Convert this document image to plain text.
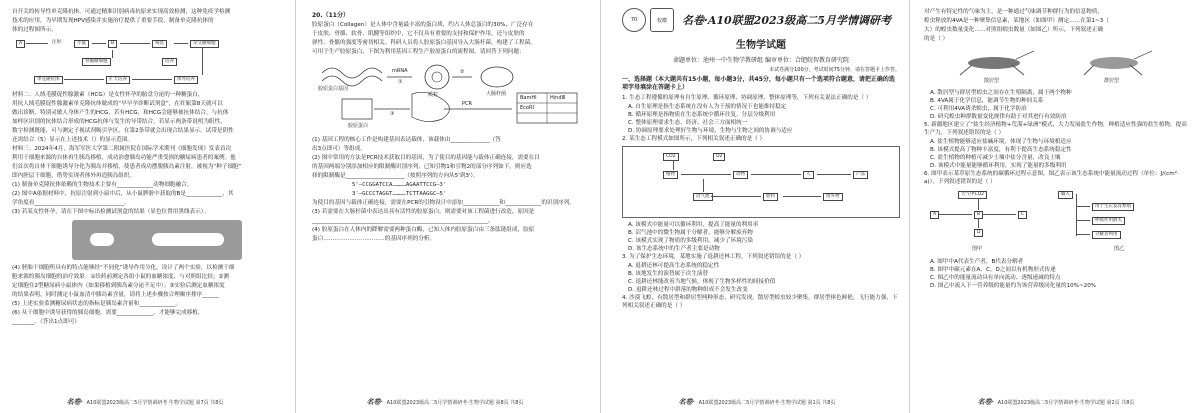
自开关的转导性单克隆抗体，可通过精准识别病毒抗原来实现高效检测，这种免疫学检测

技术的应用，为早期发现HPV感染并实施治疗提供了重要手段，制备单克隆抗体的

体的过程图所示。

A	注射	小鼠	B	筛选	杂交瘤细胞
骨髓瘤细胞	培养
单克隆抗体	扩大培养	体外培养

材料二：人绒毛膜促性腺激素（HCG）是女性怀孕的胎盘分泌的一种糖蛋白，

用抗人绒毛膜促性腺激素单克隆抗体做成的“早早孕诊断试剂盒”，在妊娠第8天就可以

做出诊断，特别灵敏人身体产生的HCG，若有HCG，和HCG会能够被抗体结合，与抗体

加样区识别的抗体结合形成的HCG抗体与发生的导带结合，若显示两条带说明为阳性，

数字检测既能，可与测定子视试剂吸引孕区，在第2条带就会出现合结果显示。试带是阴性

还需结合（5）显示在上述技术（）的显示范围。

材料三：2024年4月，海军军医大学第二附属医院在国际学术期刊《细胞发现》发表首次

利用干细胞来源的自体再生胰岛移植，成功治愈胰岛功能严重受损的糖尿病患者的案例。他

们首次将自体干细胞诱导分化为胰岛并移植，使患者成功摆脱胰岛素注射，被视为“种子细胞”

即内胚层干细胞，借势实现者体外再造胰岛组织。

(1) 制备单克隆抗体依赖的生物技术主要有_____________动物细胞融合。

(2) 图中A依据材料中，抗原注射到小鼠中后，从小鼠脾脏中获取的B是_____________，其

学角度看________________________________。

(3) 若某女性怀孕，请在下图中标出检测试剂盒的结果（显色位置用黑线表示）。

(4) 胚胎干细胞所具有的特点能够经“不同化”诱导作用分化，设计了两个实验，以检测干细

胞来源的胰岛细胞的治疗效果：①给药前测定各组小鼠的血糖浓度，与对照组比较；②测

定细胞在2型糖尿病小鼠体内（如果移植到胰岛素分泌不足中）；③实验后测定血糖浓度

的结果表明，同时测定小鼠血清中胰岛素含量，请将上述步骤按合理顺序排序______

(5) 上述实验监测糖尿病状态的指标是胰岛素含量和_____________。

(6) 从干细胞中诱导获得的胰岛细胞，需要_____________，才能够完成移植，

________。（答出1点即可）

名卷· A10联盟2023级高二5月学情调研考·生物学试题 第7页 共8页

20.（11分）

胶原蛋白（Collagen）是人体中含量最丰富的蛋白质，约占人体总蛋白的30%，广泛存在

于皮肤、骨骼、软骨、肌腱等组织中，它不仅具有重要的支持和保护作用，还与皮肤的

弹性、骨骼的强度等密切相关。科研人员将人胶原蛋白基因导入大肠杆菌，构建了工程菌，

可用于生产胶原蛋白，下图为利用基因工程生产胶原蛋白的流程图。请回答下列问题：

胶原蛋白基因
mRNA
质粒	大肠杆菌
胶原蛋白
BamHⅠ	HindⅢ
EcoRⅠ
PCR
①
②
③

(1) 基因工程的核心工作是构建基因表达载体，该载体由______________（答

出3点即可）等组成。

(2) 图中常用的方法是PCR技术获取目的基因，为了使目的基因能与载体正确连接，需要在目

的基因两端分别添加相应的限制酶识别序列，已知引物1和引物2的部分序列如下，则应选

择的限制酶是_____________________（按照序列的方向从5'到3'）。

5'—CCGGATCCA…………AGAATTCCG—3'

3'—GCCCTAGGT…………TCTTAAGGC—5'

为使目的基因与载体正确连接，需要在PCR的引物设计中添加_____________和_____________的识别序列。

(3) 若需要在大肠杆菌中表达出具有活性的胶原蛋白，则需要对该工程菌进行改造，原因是

_______________________________________________________________。

(4) 胶原蛋白在人体内的降解需要两种蛋白酶，已知人体内胶原蛋白由三条肽链组成，胶原

蛋白……………………………的基因序列的分析。

名卷· A10联盟2023级高二5月学情调研考·生物学试题 第8页 共8页
70	校徽	名卷· A10联盟2023级高二5月学情调研考
生物学试题
命题单位：池州一中生物学教研组 编审单位：合肥皖智教育研究院
本试卷满分100分，考试时间75分钟，请在答题卡上作答。

一、选择题（本大题共有15小题，每小题3分，共45分，每小题只有一个选项符合题意，请把正确的选项字母填涂在答题卡上）

1. 生态工程遵循的原理有自生原理、循环原理、协调原理、整体原理等，下列有关说法正确的是（ ）

A. 自生原理是指生态系统在没有人为干预的情况下也能维持稳定

B. 循环原理是指物质在生态系统中循环往复，分层分级利用

C. 整体原理要求生态、经济、社会三方面相统一

D. 协调原理要求处理好生物与环境、生物与生物之间的协调与适应

2. 某生态工程模式如图所示，下列相关叙述正确的是（ ）

CO2	O2
植物	动物	人
沼气池	肥料	废弃物
产品

A. 该模式中能量可以循环利用，提高了能量的利用率

B. 沼气池中的微生物属于分解者，能够分解废弃物

C. 该模式实现了物质的多级利用，减少了环境污染

D. 该生态系统中的生产者主要是动物

3. 为了保护生态环境，某地实施了退耕还林工程，下列叙述错误的是（ ）

A. 退耕还林可提高生态系统的稳定性

B. 该地发生的演替属于次生演替

C. 退耕还林能改善当地气候，体现了生物多样性的间接价值

D. 退耕还林过程中群落的物种组成不会发生改变

4. 沙漠飞蝗，有散居型和群居型两种形态，研究发现，散居型蝗虫较少聚集，群居型体色鲜艳，飞行能力强，下列相关叙述正确的是（ ）

名卷· A10联盟2023级高二5月学情调研考·生物学试题 第1页 共8页

对产生有特定性的气味为主，是一种通过气味调节种群行为的信息物质，

蝗虫释放的4VA是一种聚集信息素，某地区（如图甲）测定……在第1~3（

大）的蝗虫数量变化……对照组蝗虫数量（如图乙）所示，下列叙述正确

的是（ ）

散居型	群居型

A. 散居型与群居型蝗虫之间存在生殖隔离，属于两个物种

B. 4VA属于化学信息，能调节生物的种间关系

C. 可利用4VA诱杀蝗虫，属于化学防治

D. 研究蝗虫种群数量变化规律有助于对其进行有效防治

5. 新疆地区建立了“盐生经济植物+荒漠+绿洲”模式，大力发展盐生作物，种植适应性强的盐生植物，提高生产力，下列叙述错误的是（ ）

A. 盐生植物能够适应盐碱环境，体现了生物与环境相适应

B. 该模式提高了物种丰富度，有利于提高生态系统稳定性

C. 盐生植物的种植可减少土壤中盐分含量，改良土壤

D. 该模式中能量能够循环利用，实现了能量的多级利用

6. 图甲表示某草原生态系统的碳循环过程示意图，图乙表示该生态系统中能量流动过程（单位：J/(cm²·a)），下列叙述错误的是（ ）

大气中CO2
A	B	C
D
输入
用于生长发育繁殖
呼吸作用散失
分解者利用
图甲	图乙

A. 图甲中A代表生产者，B代表分解者

B. 图甲中碳元素在A、C、D之间以有机物形式传递

C. 图乙中的能量流动具有单向流动、逐级递减的特点

D. 图乙中流入下一营养级的能量约为该营养级同化量的10%~20%

名卷· A10联盟2023级高二5月学情调研考·生物学试题 第2页 共8页
